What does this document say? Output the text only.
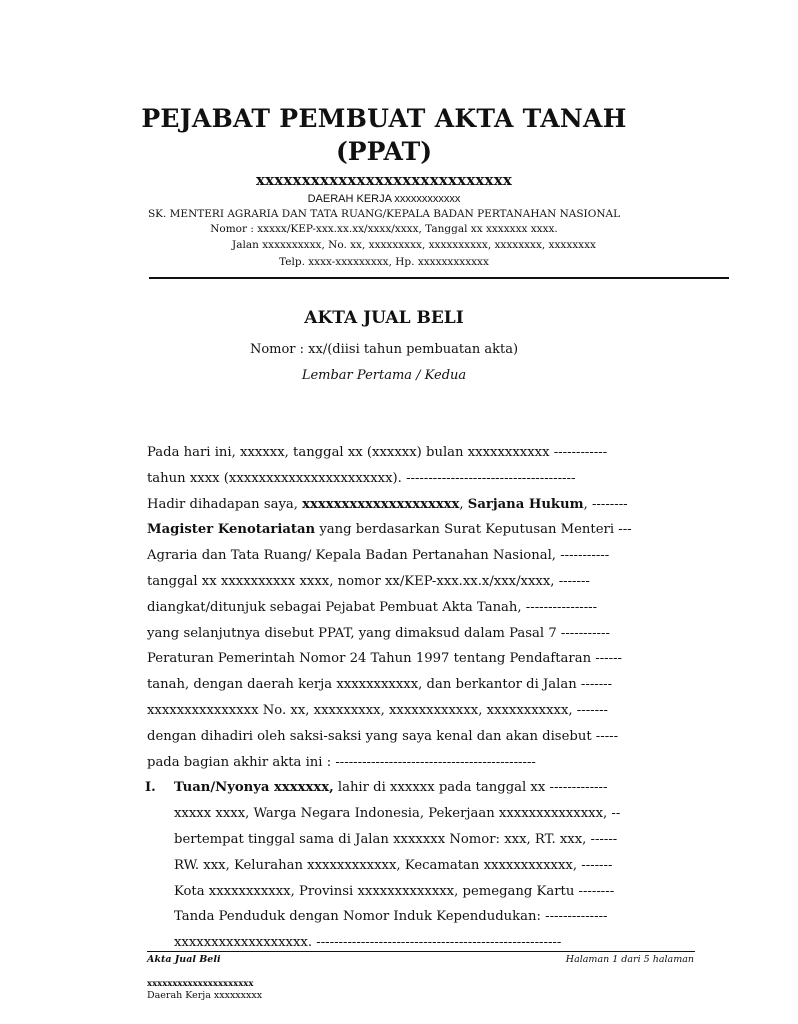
PEJABAT PEMBUAT AKTA TANAH
(PPAT)
xxxxxxxxxxxxxxxxxxxxxxxxxxxx
DAERAH KERJA xxxxxxxxxxxx
SK. MENTERI AGRARIA DAN TATA RUANG/KEPALA BADAN PERTANAHAN NASIONAL
Nomor : xxxxx/KEP-xxx.xx.xx/xxxx/xxxx, Tanggal xx xxxxxxx xxxx.
Jalan xxxxxxxxxx, No. xx, xxxxxxxxx, xxxxxxxxxx, xxxxxxxx, xxxxxxxx
Telp. xxxx-xxxxxxxxx, Hp. xxxxxxxxxxxx
AKTA JUAL BELI
Nomor : xx/(diisi tahun pembuatan akta)
Lembar Pertama / Kedua
Pada hari ini, xxxxxx, tanggal xx (xxxxxx) bulan xxxxxxxxxxx ------------
tahun xxxx (xxxxxxxxxxxxxxxxxxxxxx). --------------------------------------
Hadir dihadapan saya, xxxxxxxxxxxxxxxxxxxx, Sarjana Hukum, --------
Magister Kenotariatan yang berdasarkan Surat Keputusan Menteri ---
Agraria dan Tata Ruang/ Kepala Badan Pertanahan Nasional, -----------
tanggal xx xxxxxxxxxx xxxx, nomor xx/KEP-xxx.xx.x/xxx/xxxx, -------
diangkat/ditunjuk sebagai Pejabat Pembuat Akta Tanah, ----------------
yang selanjutnya disebut PPAT, yang dimaksud dalam Pasal 7 -----------
Peraturan Pemerintah Nomor 24 Tahun 1997 tentang Pendaftaran ------
tanah, dengan daerah kerja xxxxxxxxxxx, dan berkantor di Jalan -------
xxxxxxxxxxxxxxx No. xx, xxxxxxxxx, xxxxxxxxxxxx, xxxxxxxxxxx, -------
dengan dihadiri oleh saksi-saksi yang saya kenal dan akan disebut -----
pada bagian akhir akta ini : ---------------------------------------------
I. Tuan/Nyonya xxxxxxx, lahir di xxxxxx pada tanggal xx -------------
xxxxx xxxx, Warga Negara Indonesia, Pekerjaan xxxxxxxxxxxxxx, --
bertempat tinggal sama di Jalan xxxxxxx Nomor: xxx, RT. xxx, ------
RW. xxx, Kelurahan xxxxxxxxxxxx, Kecamatan xxxxxxxxxxxx, -------
Kota xxxxxxxxxxx, Provinsi xxxxxxxxxxxxx, pemegang Kartu --------
Tanda Penduduk dengan Nomor Induk Kependudukan: --------------
xxxxxxxxxxxxxxxxxx. -------------------------------------------------------
Akta Jual Beli	Halaman 1 dari 5 halaman
xxxxxxxxxxxxxxxxxxxxx
Daerah Kerja xxxxxxxxx
